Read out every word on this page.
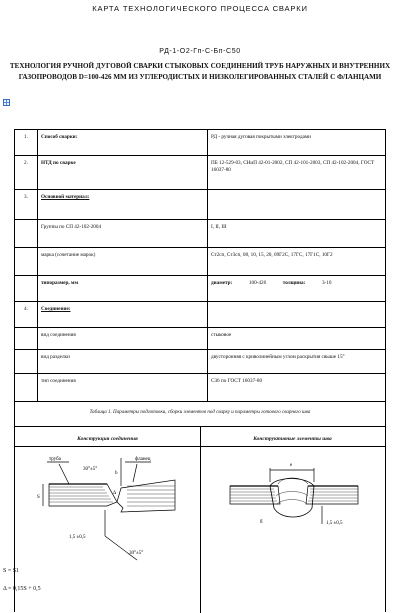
КАРТА ТЕХНОЛОГИЧЕСКОГО ПРОЦЕССА СВАРКИ
РД-1-О2-Гп-С-Бп-С50
ТЕХНОЛОГИЯ РУЧНОЙ ДУГОВОЙ СВАРКИ СТЫКОВЫХ СОЕДИНЕНИЙ ТРУБ НАРУЖНЫХ И ВНУТРЕННИХ ГАЗОПРОВОДОВ D=100-426 ММ ИЗ УГЛЕРОДИСТЫХ И НИЗКОЛЕГИРОВАННЫХ СТАЛЕЙ С ФЛАНЦАМИ
1.	Способ сварки:	РД - ручная дуговая покрытыми электродами
2.	НТД по сварке	ПБ 12-529-03, СНиП 42-01-2002, СП 42-101-2003, СП 42-102-2004, ГОСТ 16037-80
3.	Основной материал:
Группы по СП 42-102-2004	I, II, III
марка (сочетание марок)	Ст2сп, Ст3сп, 08, 10, 15, 20, 09Г2С, 17ГС, 17Г1С, 10Г2
типоразмер, мм	диаметр:	100-426	толщина:	3-10
4.	Соединение:
вид соединения	стыковое
вид разделки	двусторонняя с криволинейным углом раскрытия свыше 15°
тип соединения	С36 по ГОСТ 16037-80
Таблица 1. Параметры подготовки, сборки элементов под сварку и параметры готового сварного шва
Конструкция соединения	Конструктивные элементы шва
труба	фланец
30°±5°
b
S
Δ
1,5 ±0,5
30°±5°
e
g	1,5 ±0,5
S = S1
Δ = 0,15S + 0,5
